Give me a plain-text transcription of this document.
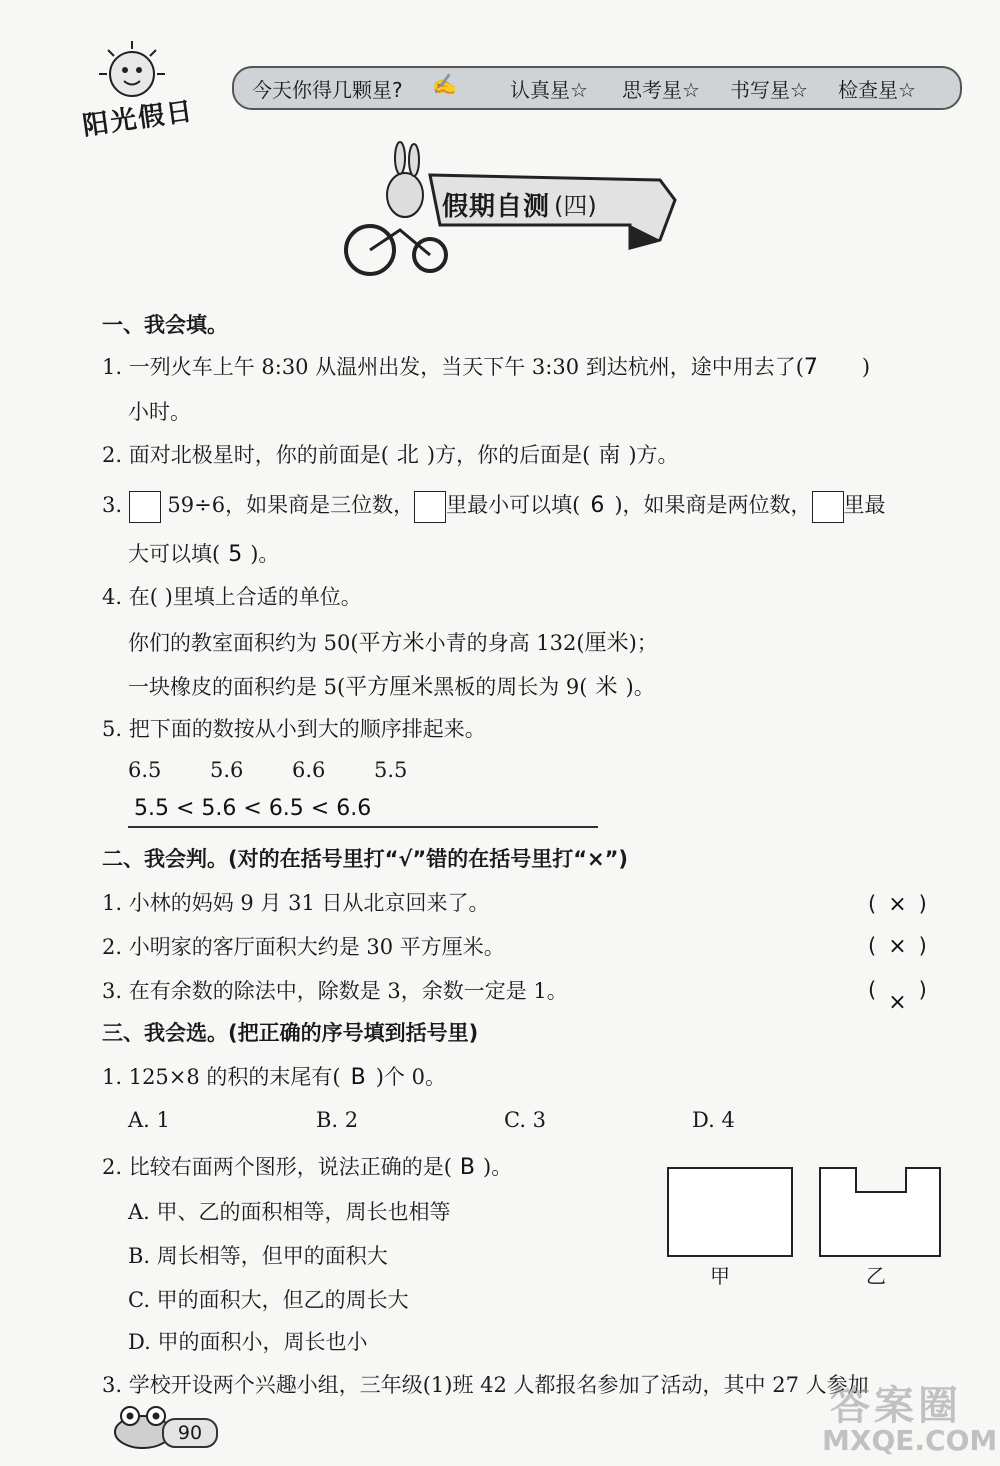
阳光假日
今天你得几颗星? ✍	认真星☆ 思考星☆ 书写星☆ 检查星☆
假期自测 (四)
一、我会填。
1. 一列火车上午 8:30 从温州出发，当天下午 3:30 到达杭州，途中用去了(7 )
小时。
2. 面对北极星时，你的前面是( 北 )方，你的后面是( 南 )方。
3. 59÷6，如果商是三位数， 里最小可以填( 6 )，如果商是两位数， 里最
大可以填( 5 )。
4. 在( )里填上合适的单位。
你们的教室面积约为 50(平方米小青的身高 132(厘米)；
一块橡皮的面积约是 5(平方厘米黑板的周长为 9( 米 )。
5. 把下面的数按从小到大的顺序排起来。
6.5 5.6 6.6 5.5
5.5 < 5.6 < 6.5 < 6.6
二、我会判。(对的在括号里打“√”错的在括号里打“×”)
1. 小林的妈妈 9 月 31 日从北京回来了。	( × )
2. 小明家的客厅面积大约是 30 平方厘米。	( × )
3. 在有余数的除法中，除数是 3，余数一定是 1。	( × )
三、我会选。(把正确的序号填到括号里)
1. 125×8 的积的末尾有( B )个 0。
A. 1	B. 2	C. 3	D. 4
2. 比较右面两个图形，说法正确的是( B )。
A. 甲、乙的面积相等，周长也相等
B. 周长相等，但甲的面积大
C. 甲的面积大，但乙的周长大
D. 甲的面积小，周长也小
甲	乙
3. 学校开设两个兴趣小组，三年级(1)班 42 人都报名参加了活动，其中 27 人参加
90
答案圈
MXQE.COM
